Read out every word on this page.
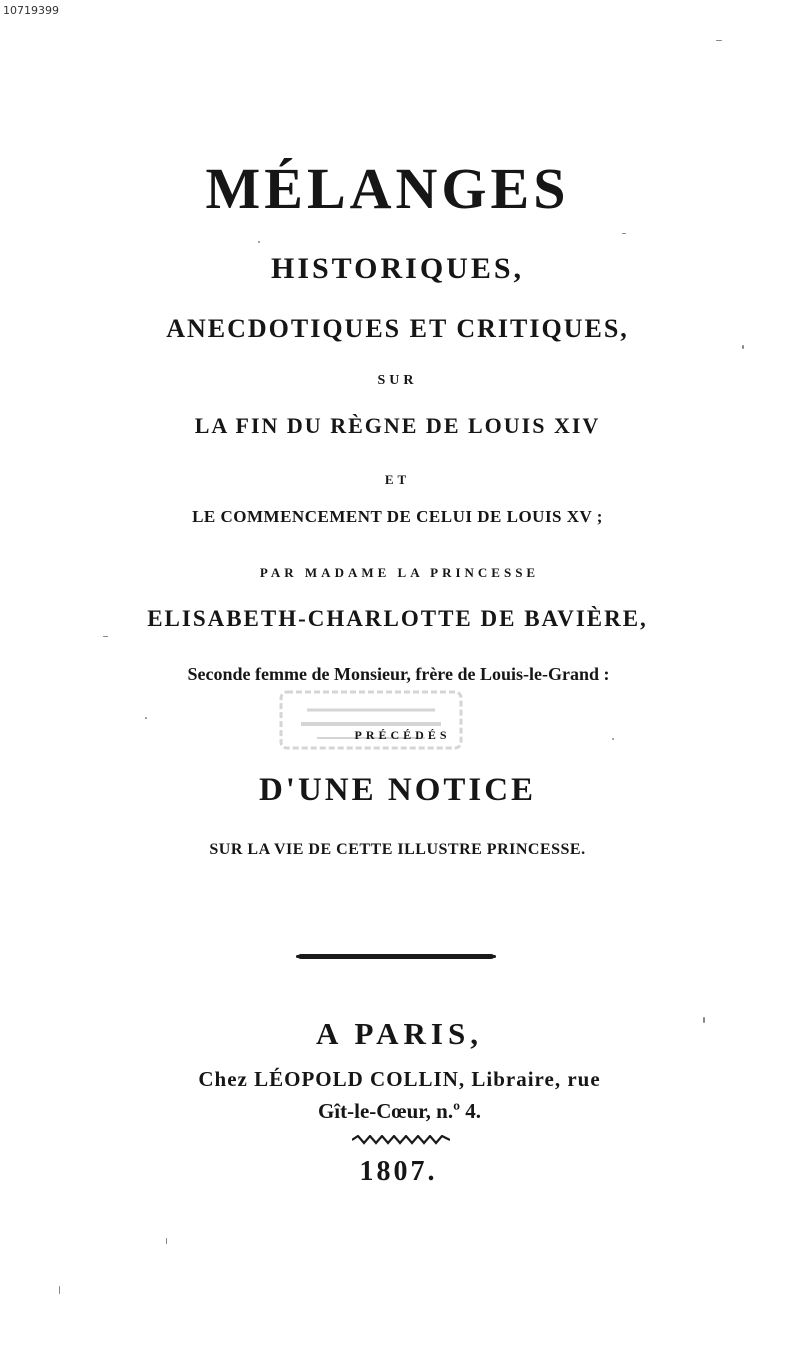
10719399
MÉLANGES
HISTORIQUES,
ANECDOTIQUES ET CRITIQUES,
SUR
LA FIN DU RÈGNE DE LOUIS XIV
ET
LE COMMENCEMENT DE CELUI DE LOUIS XV ;
PAR MADAME LA PRINCESSE
ELISABETH-CHARLOTTE DE BAVIÈRE,
Seconde femme de Monsieur, frère de Louis-le-Grand :
PRÉCÉDÉS
D'UNE NOTICE
SUR LA VIE DE CETTE ILLUSTRE PRINCESSE.
A PARIS,
Chez LÉOPOLD COLLIN, Libraire, rue
Gît-le-Cœur, n.º 4.
1807.
